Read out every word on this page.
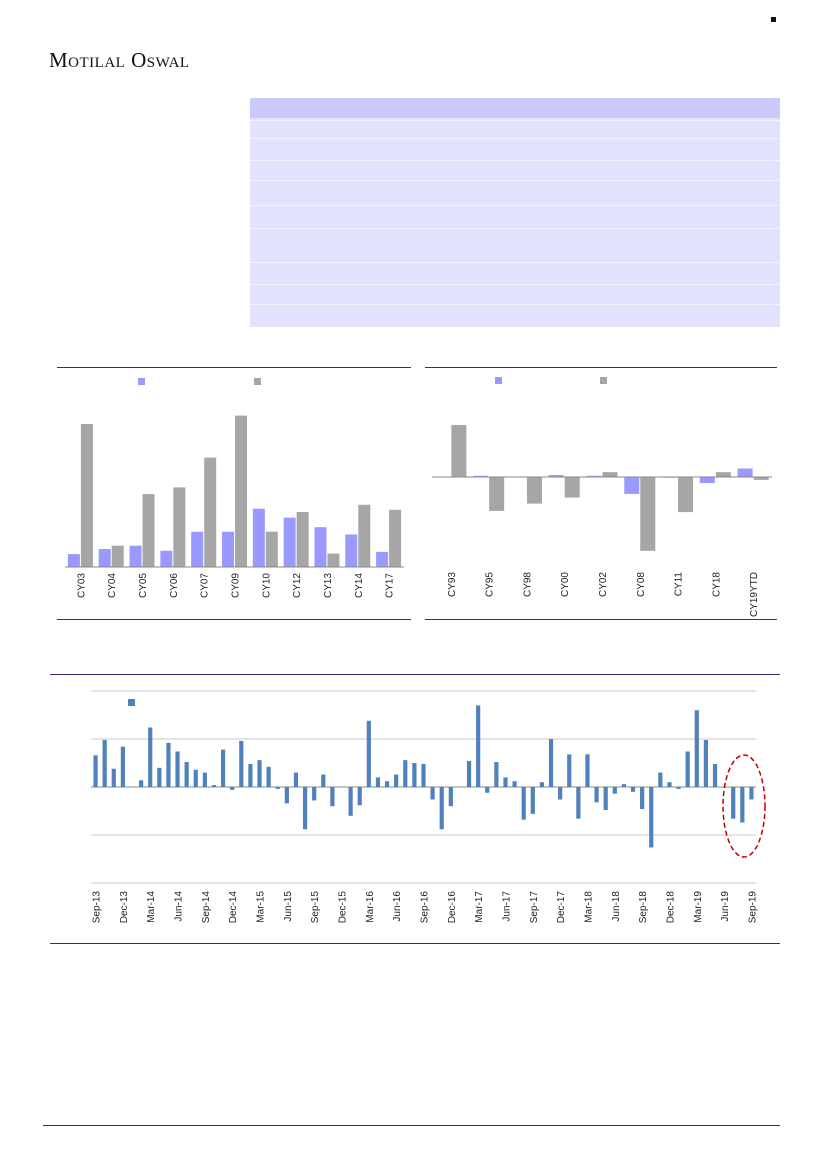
Motilal Oswal
CY03 CY04 CY05 CY06 CY07 CY09 CY10 CY12 CY13 CY14 CY17	CY93	CY95	CY98	CY00	CY02	CY08	CY11	CY18	CY19YTD
Sep-13 Dec-13 Mar-14 Jun-14 Sep-14 Dec-14 Mar-15 Jun-15 Sep-15 Dec-15 Mar-16 Jun-16 Sep-16 Dec-16 Mar-17 Jun-17 Sep-17 Dec-17 Mar-18 Jun-18 Sep-18 Dec-18 Mar-19 Jun-19 Sep-19
